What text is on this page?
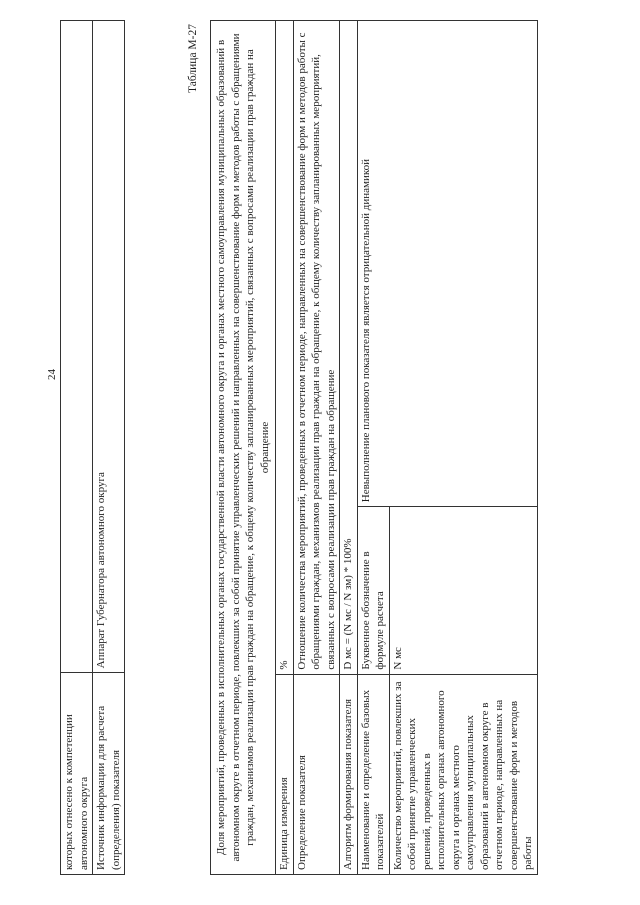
24
которых отнесено к компетенции автономного округа	
Источник информации для расчета (определения) показателя	Аппарат Губернатора автономного округа
Таблица М-27 Доля мероприятий, проведенных в исполнительных органах государственной власти автономного округа и органах местного самоуправления муниципальных образований в автономном округе в отчетном периоде, повлекших за собой принятие управленческих решений и направленных на совершенствование форм и методов работы с обращениями граждан, механизмов реализации прав граждан на обращение, к общему количеству запланированных мероприятий, связанных с вопросами реализации прав граждан на обращение		
Единица измерения	%	
Определение показателя	Отношение количества мероприятий, проведенных в отчетном периоде, направленных на совершенствование форм и методов работы с обращениями граждан, механизмов реализации прав граждан на обращение, к общему количеству запланированных мероприятий, связанных с вопросами реализации прав граждан на обращение	
Алгоритм формирования показателя	D мс = (N мс / N зм) * 100%	
Наименование и определение базовых показателей	Буквенное обозначение в формуле расчета	Невыполнение планового показателя является отрицательной динамикой
Количество мероприятий, повлекших за собой принятие управленческих решений, проведенных в исполнительных органах автономного округа и органах местного самоуправления муниципальных образований в автономном округе в отчетном периоде, направленных на совершенствование форм и методов работы	N мс	
